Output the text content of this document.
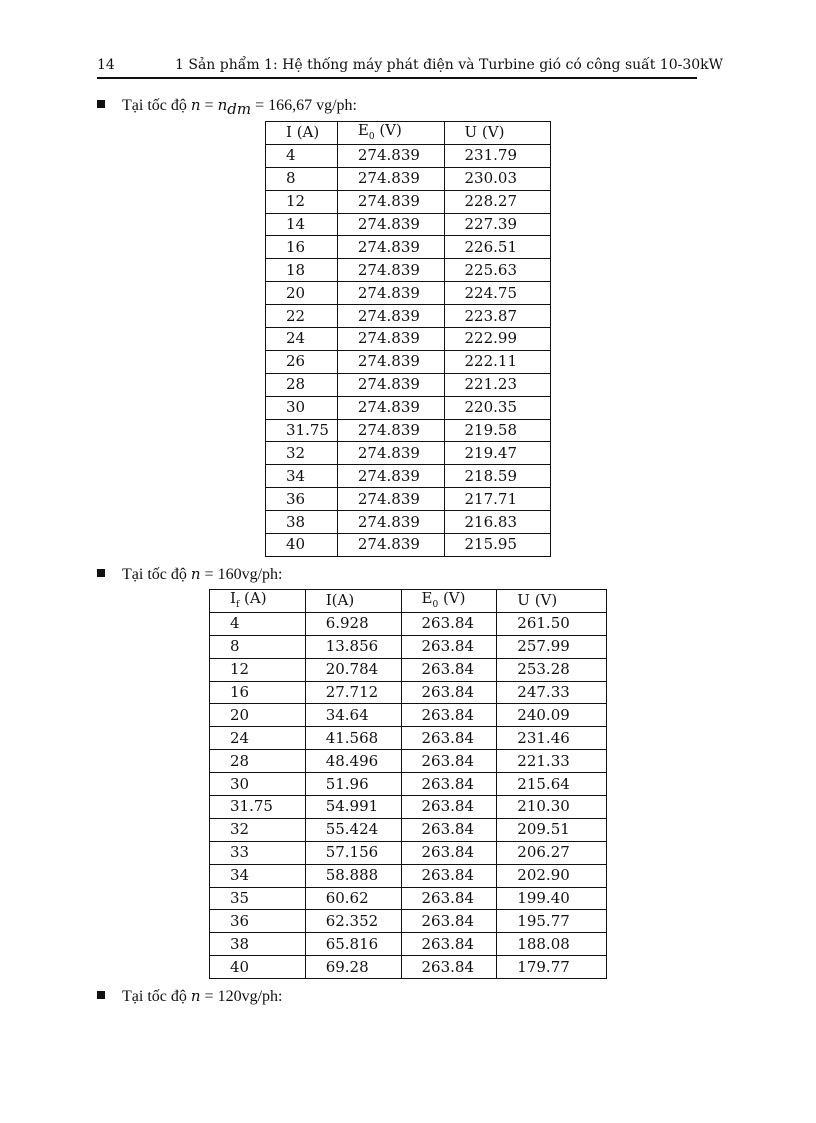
14	1 Sản phẩm 1: Hệ thống máy phát điện và Turbine gió có công suất 10-30kW
Tại tốc độ $n = n_{dm} = 166,67$ vg/ph:
I (A)	$E_0$ (V)	U (V)
4	274.839	231.79
8	274.839	230.03
12	274.839	228.27
14	274.839	227.39
16	274.839	226.51
18	274.839	225.63
20	274.839	224.75
22	274.839	223.87
24	274.839	222.99
26	274.839	222.11
28	274.839	221.23
30	274.839	220.35
31.75	274.839	219.58
32	274.839	219.47
34	274.839	218.59
36	274.839	217.71
38	274.839	216.83
40	274.839	215.95
Tại tốc độ n = 160vg/ph:
$I_f$ (A)	I(A)	$E_0$ (V)	U (V)
4	6.928	263.84	261.50
8	13.856	263.84	257.99
12	20.784	263.84	253.28
16	27.712	263.84	247.33
20	34.64	263.84	240.09
24	41.568	263.84	231.46
28	48.496	263.84	221.33
30	51.96	263.84	215.64
31.75	54.991	263.84	210.30
32	55.424	263.84	209.51
33	57.156	263.84	206.27
34	58.888	263.84	202.90
35	60.62	263.84	199.40
36	62.352	263.84	195.77
38	65.816	263.84	188.08
40	69.28	263.84	179.77
Tại tốc độ n = 120vg/ph:
